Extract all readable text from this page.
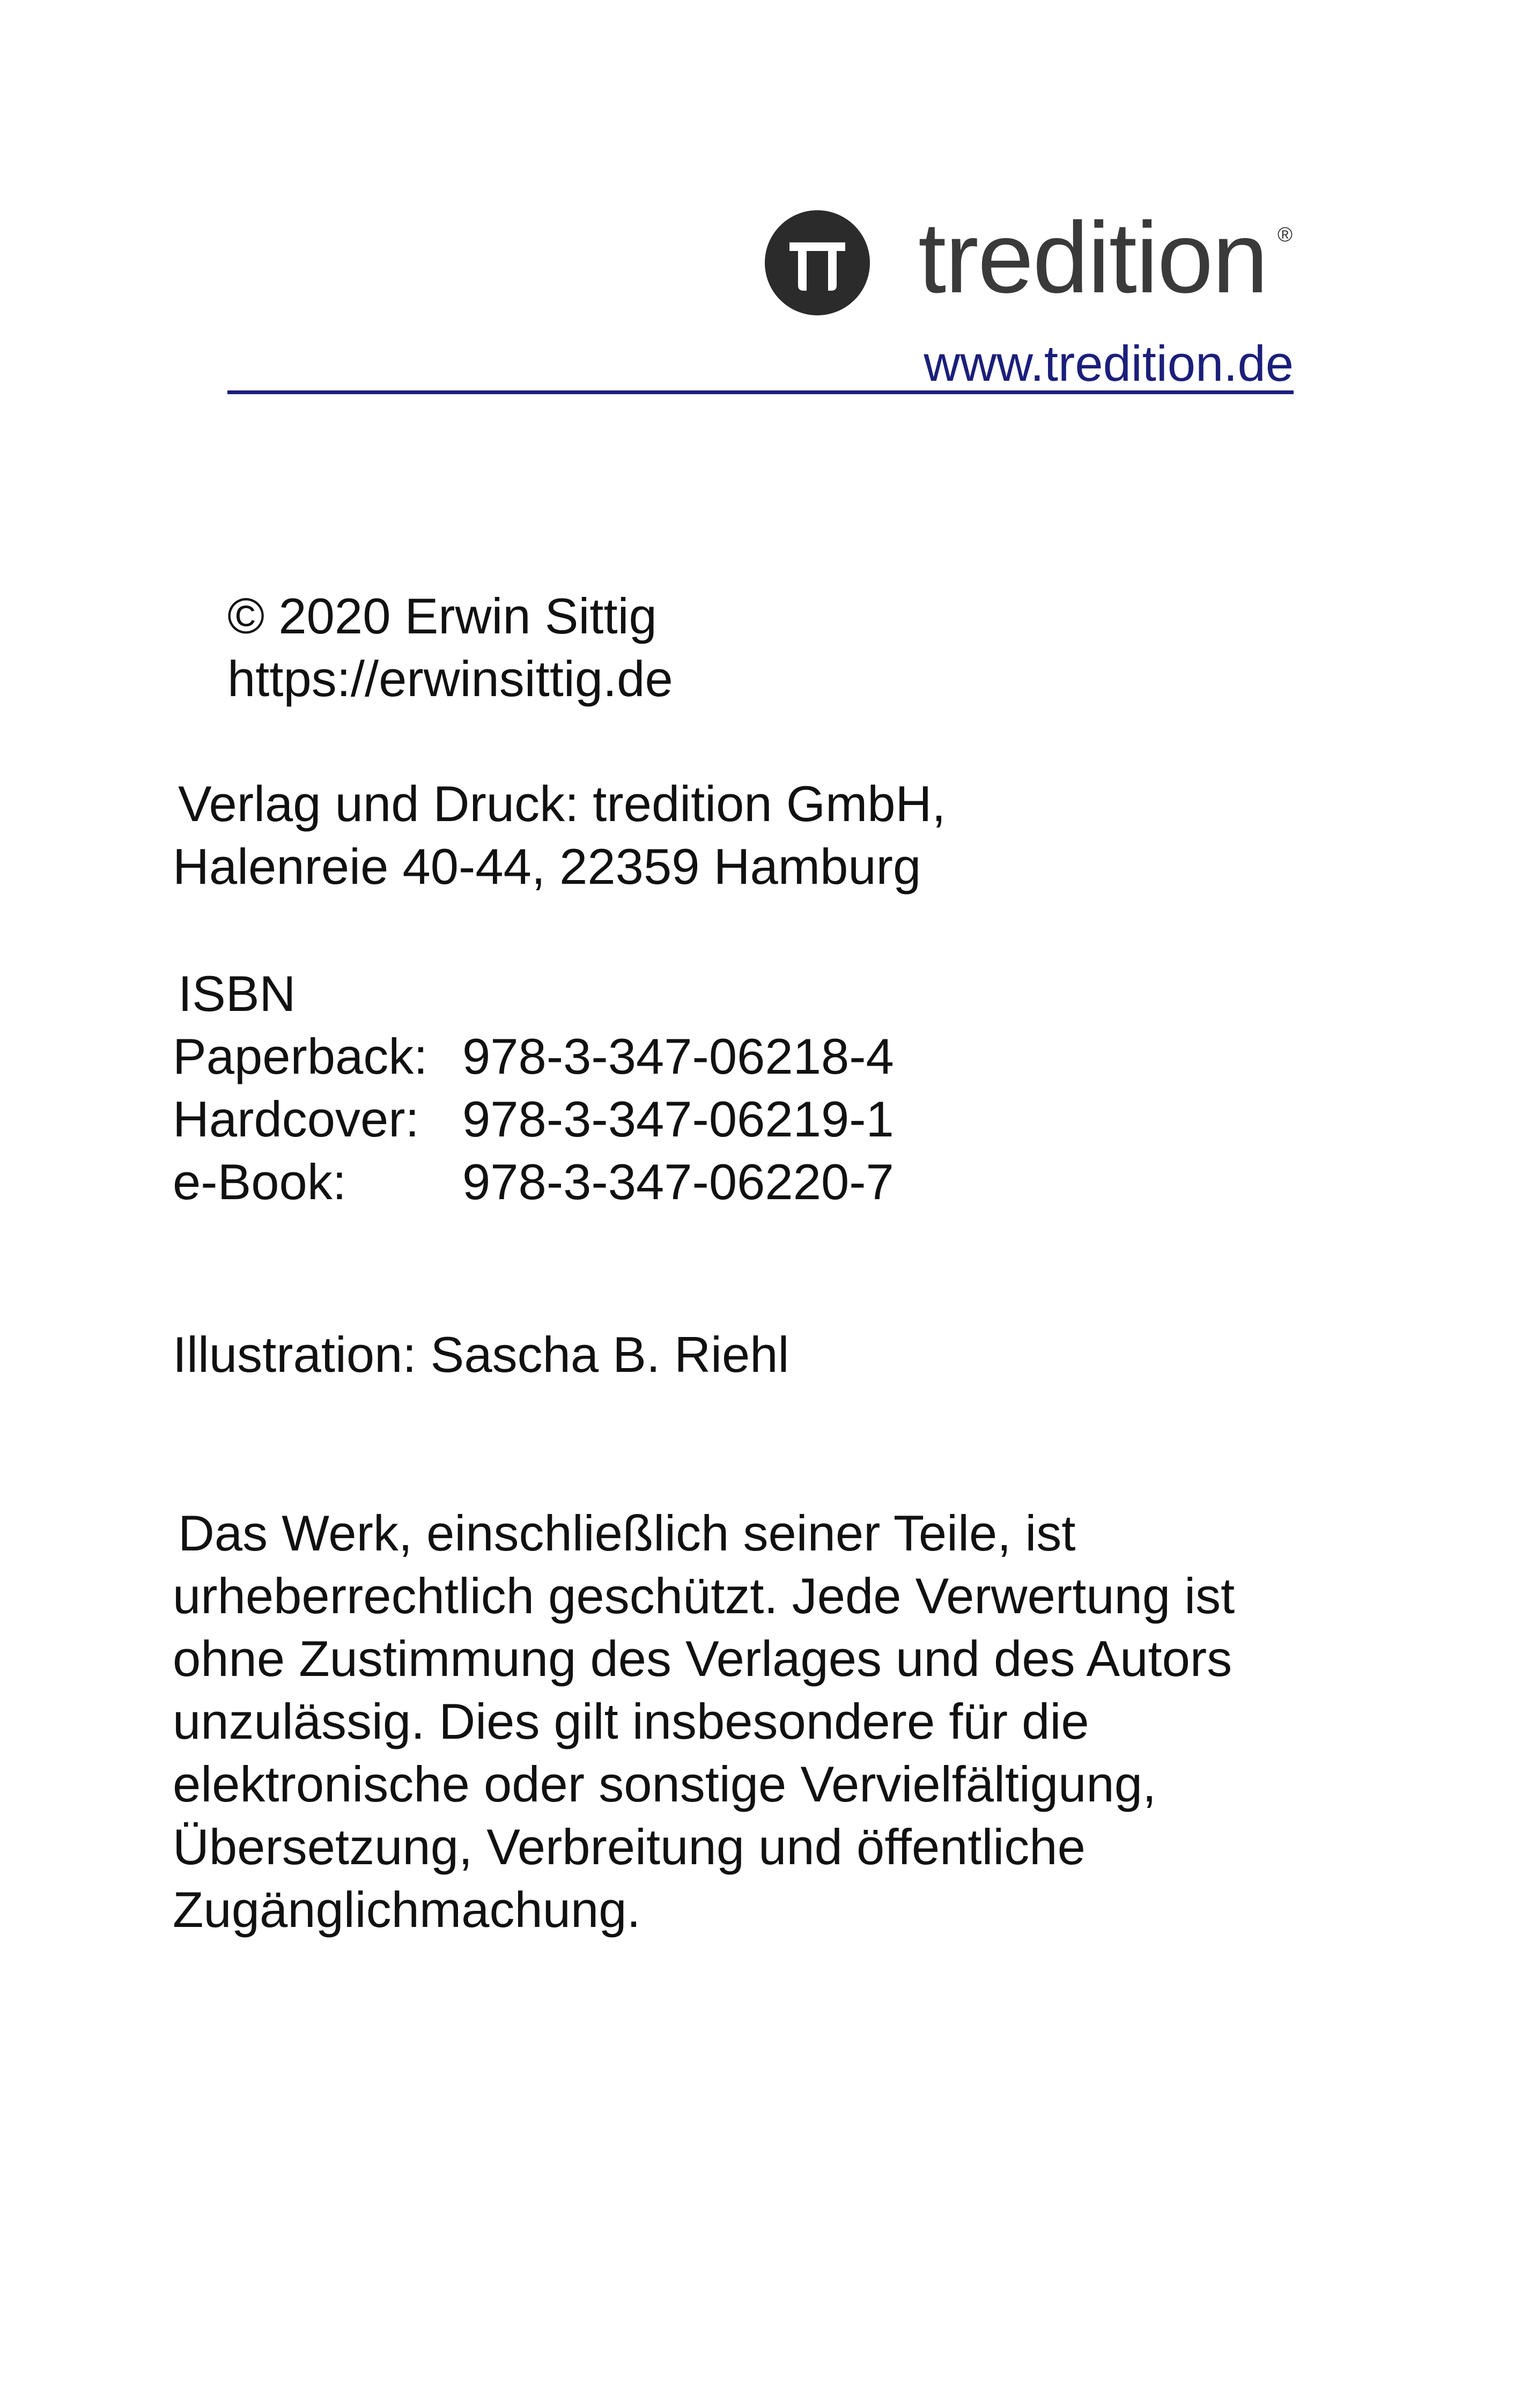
tredition ®
www.tredition.de

© 2020 Erwin Sittig

https://erwinsittig.de

Verlag und Druck: tredition GmbH,

Halenreie 40-44, 22359 Hamburg

ISBN

Paperback: 978-3-347-06218-4
Hardcover: 978-3-347-06219-1
e-Book: 978-3-347-06220-7

Illustration: Sascha B. Riehl

Das Werk, einschließlich seiner Teile, ist

urheberrechtlich geschützt. Jede Verwertung ist

ohne Zustimmung des Verlages und des Autors

unzulässig. Dies gilt insbesondere für die

elektronische oder sonstige Vervielfältigung,

Übersetzung, Verbreitung und öffentliche

Zugänglichmachung.
